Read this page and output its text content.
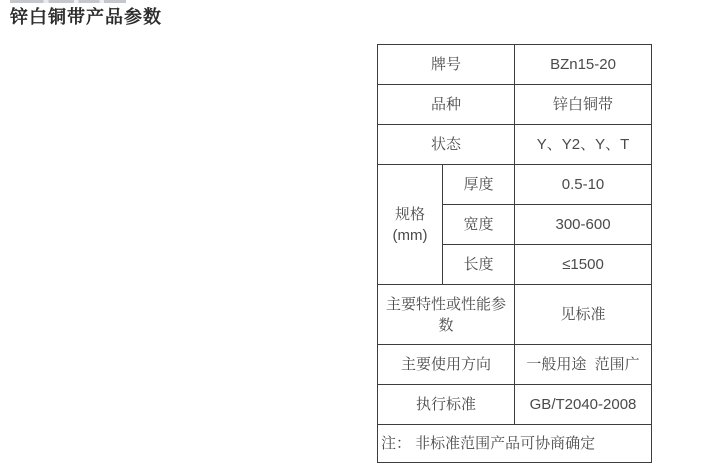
锌白铜带产品参数
牌号		BZn15-20
品种		锌白铜带
状态		Y、Y2、Y、T
规格(mm)	厚度	0.5-10
	宽度	300-600
	长度	≤1500
主要特性或性能参数		见标准
主要使用方向		一般用途  范围广
执行标准		GB/T2040-2008
注： 非标准范围产品可协商确定		
